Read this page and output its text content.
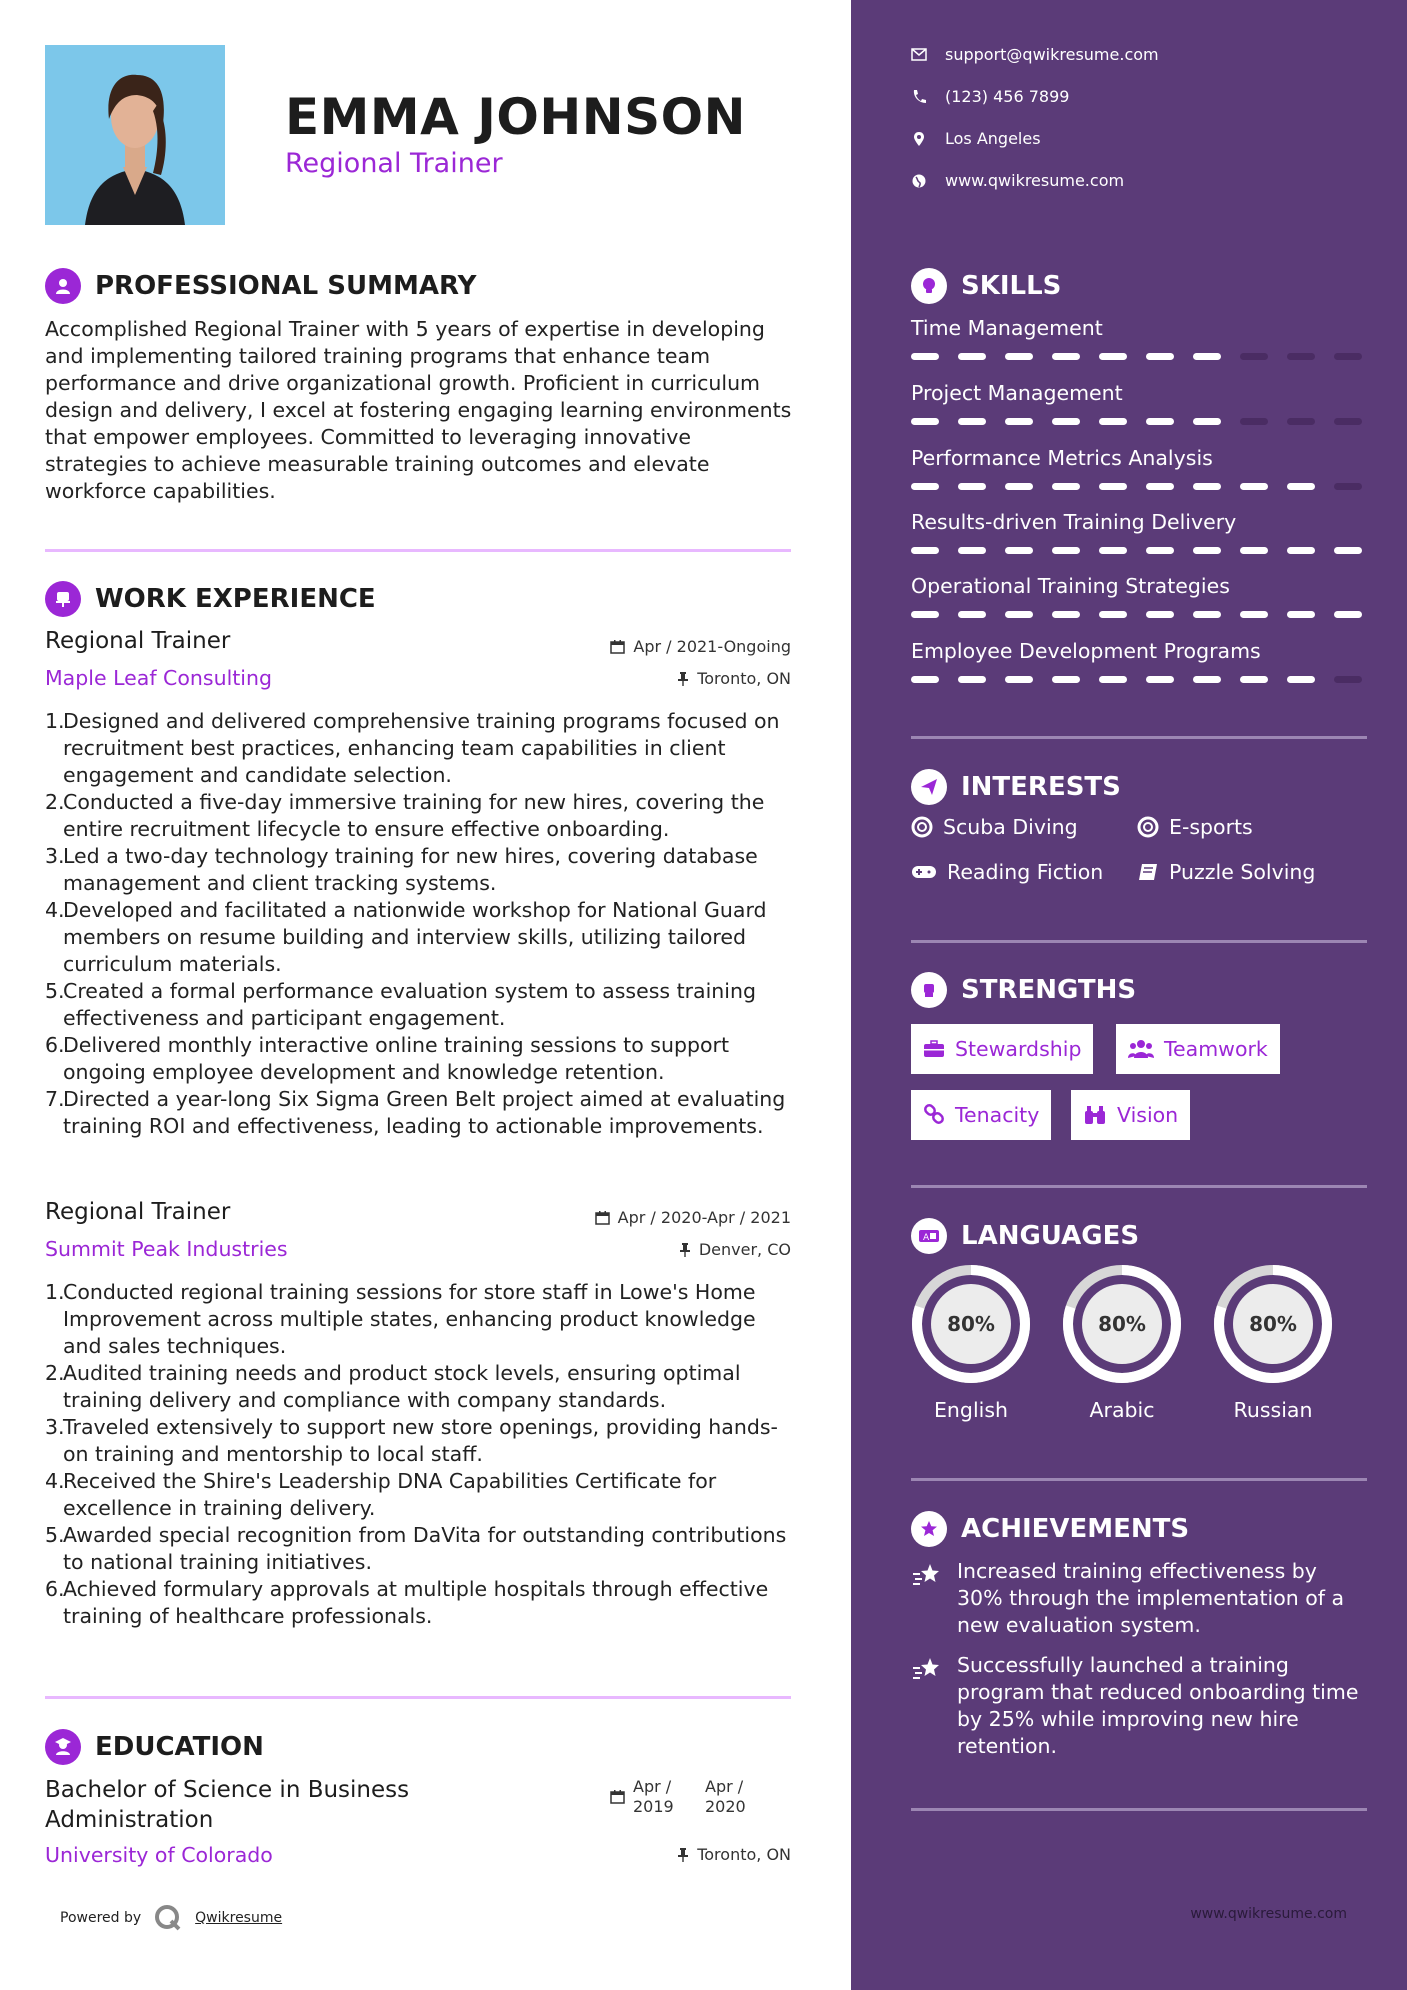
EMMA JOHNSON
Regional Trainer
PROFESSIONAL SUMMARY

Accomplished Regional Trainer with 5 years of expertise in developing and implementing tailored training programs that enhance team performance and drive organizational growth. Proficient in curriculum design and delivery, I excel at fostering engaging learning environments that empower employees. Committed to leveraging innovative strategies to achieve measurable training outcomes and elevate workforce capabilities.

WORK EXPERIENCE
Regional Trainer
Maple Leaf Consulting
Apr / 2021-Ongoing
Toronto, ON
Designed and delivered comprehensive training programs focused on recruitment best practices, enhancing team capabilities in client engagement and candidate selection.
Conducted a five-day immersive training for new hires, covering the entire recruitment lifecycle to ensure effective onboarding.
Led a two-day technology training for new hires, covering database management and client tracking systems.
Developed and facilitated a nationwide workshop for National Guard members on resume building and interview skills, utilizing tailored curriculum materials.
Created a formal performance evaluation system to assess training effectiveness and participant engagement.
Delivered monthly interactive online training sessions to support ongoing employee development and knowledge retention.
Directed a year-long Six Sigma Green Belt project aimed at evaluating training ROI and effectiveness, leading to actionable improvements.
Regional Trainer
Summit Peak Industries
Apr / 2020-Apr / 2021
Denver, CO
Conducted regional training sessions for store staff in Lowe's Home Improvement across multiple states, enhancing product knowledge and sales techniques.
Audited training needs and product stock levels, ensuring optimal training delivery and compliance with company standards.
Traveled extensively to support new store openings, providing hands-on training and mentorship to local staff.
Received the Shire's Leadership DNA Capabilities Certificate for excellence in training delivery.
Awarded special recognition from DaVita for outstanding contributions to national training initiatives.
Achieved formulary approvals at multiple hospitals through effective training of healthcare professionals.
EDUCATION
Bachelor of Science in Business Administration
University of Colorado
Apr / 2019
Apr / 2020
Toronto, ON
Powered by	Qwikresume
support@qwikresume.com
(123) 456 7899
Los Angeles
www.qwikresume.com
SKILLS
Time Management
Project Management
Performance Metrics Analysis
Results-driven Training Delivery
Operational Training Strategies
Employee Development Programs
INTERESTS
Scuba Diving	E-sports
Reading Fiction	Puzzle Solving
STRENGTHS
Stewardship	Teamwork
Tenacity	Vision
A LANGUAGES
80%
English
80%
Arabic
80%
Russian
ACHIEVEMENTS
Increased training effectiveness by 30% through the implementation of a new evaluation system.
Successfully launched a training program that reduced onboarding time by 25% while improving new hire retention.
www.qwikresume.com
